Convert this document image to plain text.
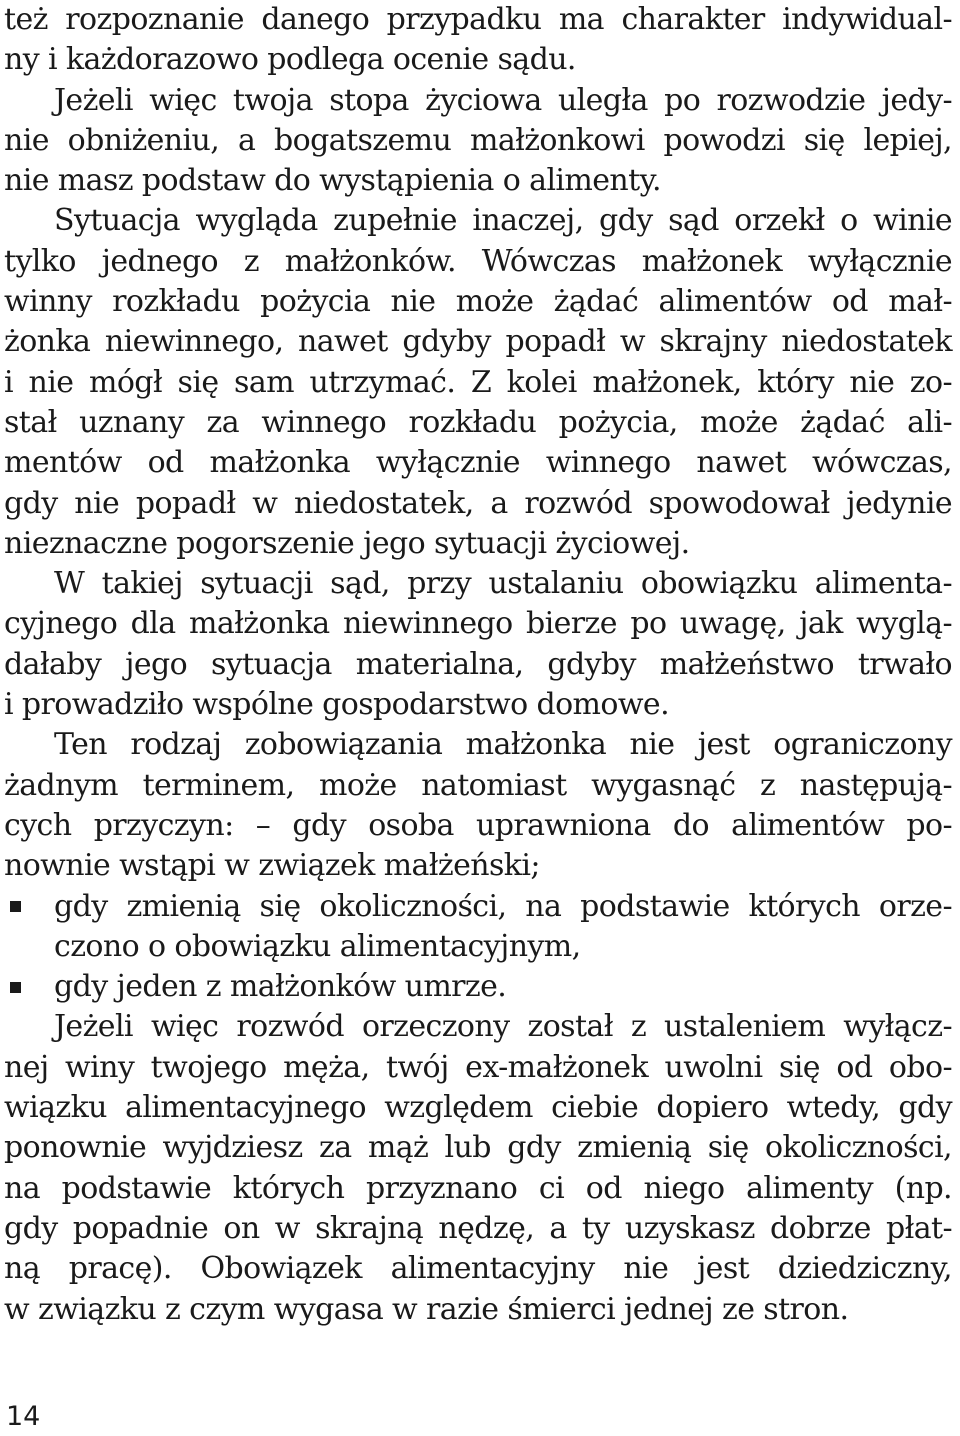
też rozpoznanie danego przypadku ma charakter indywidual-
ny i każdorazowo podlega ocenie sądu.
Jeżeli więc twoja stopa życiowa uległa po rozwodzie jedy-
nie obniżeniu, a bogatszemu małżonkowi powodzi się lepiej,
nie masz podstaw do wystąpienia o alimenty.
Sytuacja wygląda zupełnie inaczej, gdy sąd orzekł o winie
tylko jednego z małżonków. Wówczas małżonek wyłącznie
winny rozkładu pożycia nie może żądać alimentów od mał-
żonka niewinnego, nawet gdyby popadł w skrajny niedostatek
i nie mógł się sam utrzymać. Z kolei małżonek, który nie zo-
stał uznany za winnego rozkładu pożycia, może żądać ali-
mentów od małżonka wyłącznie winnego nawet wówczas,
gdy nie popadł w niedostatek, a rozwód spowodował jedynie
nieznaczne pogorszenie jego sytuacji życiowej.
W takiej sytuacji sąd, przy ustalaniu obowiązku alimenta-
cyjnego dla małżonka niewinnego bierze po uwagę, jak wyglą-
dałaby jego sytuacja materialna, gdyby małżeństwo trwało
i prowadziło wspólne gospodarstwo domowe.
Ten rodzaj zobowiązania małżonka nie jest ograniczony
żadnym terminem, może natomiast wygasnąć z następują-
cych przyczyn: – gdy osoba uprawniona do alimentów po-
nownie wstąpi w związek małżeński;
gdy zmienią się okoliczności, na podstawie których orze-
czono o obowiązku alimentacyjnym,
gdy jeden z małżonków umrze.
Jeżeli więc rozwód orzeczony został z ustaleniem wyłącz-
nej winy twojego męża, twój ex-małżonek uwolni się od obo-
wiązku alimentacyjnego względem ciebie dopiero wtedy, gdy
ponownie wyjdziesz za mąż lub gdy zmienią się okoliczności,
na podstawie których przyznano ci od niego alimenty (np.
gdy popadnie on w skrajną nędzę, a ty uzyskasz dobrze płat-
ną pracę). Obowiązek alimentacyjny nie jest dziedziczny,
w związku z czym wygasa w razie śmierci jednej ze stron.
14
